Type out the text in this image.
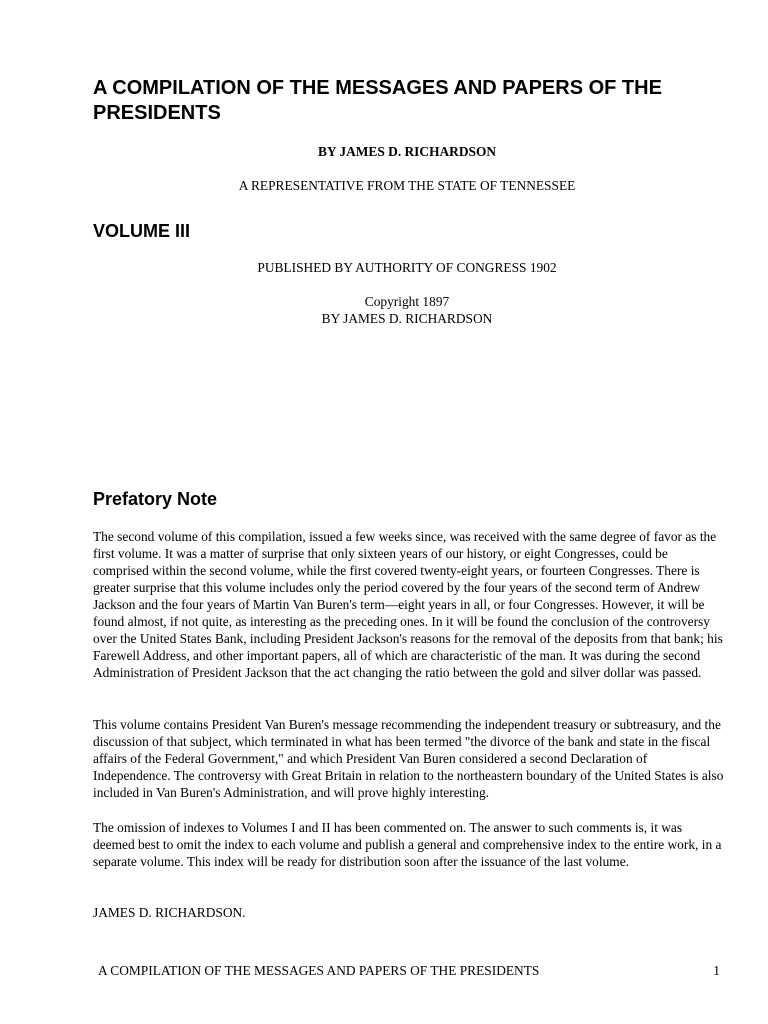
A COMPILATION OF THE MESSAGES AND PAPERS OF THE PRESIDENTS

BY JAMES D. RICHARDSON

A REPRESENTATIVE FROM THE STATE OF TENNESSEE

VOLUME III

PUBLISHED BY AUTHORITY OF CONGRESS 1902

Copyright 1897

BY JAMES D. RICHARDSON

Prefatory Note

The second volume of this compilation, issued a few weeks since, was received with the same degree of favor as the first volume. It was a matter of surprise that only sixteen years of our history, or eight Congresses, could be comprised within the second volume, while the first covered twenty-eight years, or fourteen Congresses. There is greater surprise that this volume includes only the period covered by the four years of the second term of Andrew Jackson and the four years of Martin Van Buren's term—eight years in all, or four Congresses. However, it will be found almost, if not quite, as interesting as the preceding ones. In it will be found the conclusion of the controversy over the United States Bank, including President Jackson's reasons for the removal of the deposits from that bank; his Farewell Address, and other important papers, all of which are characteristic of the man. It was during the second Administration of President Jackson that the act changing the ratio between the gold and silver dollar was passed.

This volume contains President Van Buren's message recommending the independent treasury or subtreasury, and the discussion of that subject, which terminated in what has been termed "the divorce of the bank and state in the fiscal affairs of the Federal Government," and which President Van Buren considered a second Declaration of Independence. The controversy with Great Britain in relation to the northeastern boundary of the United States is also included in Van Buren's Administration, and will prove highly interesting.

The omission of indexes to Volumes I and II has been commented on. The answer to such comments is, it was deemed best to omit the index to each volume and publish a general and comprehensive index to the entire work, in a separate volume. This index will be ready for distribution soon after the issuance of the last volume.

JAMES D. RICHARDSON.

A COMPILATION OF THE MESSAGES AND PAPERS OF THE PRESIDENTS	1
